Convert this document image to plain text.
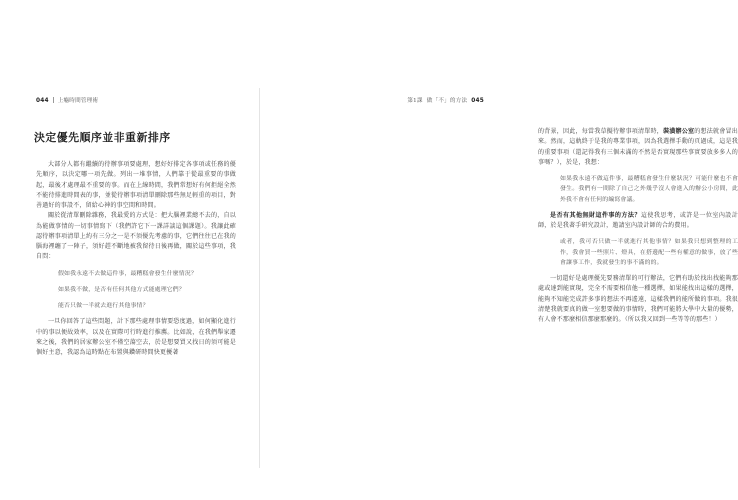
044 上癮時間管理術
決定優先順序並非重新排序

大部分人都有繼續的待辦事項要處理，想好好排定各事項或任務的優先順序，以決定哪一項先做。列出一堆事情，人們靠于從最重要的事做起，最後才處理最不重要的事。而在上線時間，我們常想好有何拒絕全然不能待排進時間表的事，並從待辦事項清單刪除那些無足輕重的項目，對善過好的事設不，留給心神的事空間和時間。

關於從清單刪除雜務，我最愛的方式是：把大腦裡業總不去的，自以為能做事情的一切事情寫下（我們許它下一課詳談這個課題）。我讓此確認待辦事項清單上約有三分之一是不須優先考慮的事，它們往往已在我的腦海裡纏了一陣子，須好趕不斷地被我留待日後再做，關於這些事項，我自問：

假如我永遠不去做這件事，最糟糕會發生什麼情況？

如果我不做，是否有任何其他方式能處理它們？

能否只做一半就去進行其他事情？

一旦你回答了這些問題，計下那些處理事情要恐度過，如何顯化進行中的事以便故效率，以及在實際可行時進行推薦。比如說，在我們舉家遷來之後，我們的居家辦公室不僅空蕩空去，於是想要買又找日的須可能是個好主意，我認為這時點在布置與鑽研時間快更擾著

第1課 做「不」的方法 045

的背景，因此，每當我草擬待辦事項清單時，裝潢辦公室的想法就會冒出來。然而，這軌終于是我的專業事項，因為我選擇手動的頁過成，這是我的重要事項（還記得我有三個未滿的不然是否實現那些事實要放多多人的事嗎？），於是，我想：

如果我永遠不做這件事，最糟糕會發生什麼狀況？可能什麼也不會發生。我們有一間除了自己之外幾乎沒人會進入的辦公小房間，此外我不會有任何的編寫會議。

是否有其他無財這件事的方法？這使我思考，或許是一位室內設計師，於是我著手研究設計，邀請室內設計師的合約費用。

或者，我可否只做一半就進行其他事情？如果我只想到整理的工作，我會買一些照片、燈具，在搭邊配一些有權意的做事，放了些會讓事工作，我就發生的事不滿的的。

一切還好是處理優先要務清單的可行辦法，它們有助於找出找能夠那處或達到能實現，完全不需要相信他一種選擇，如果能找出這樣的選擇，能夠不知能完成許多事的想法不再遙遠，這樣我們的能所做的事項。我很清楚我就要真的做一室想要做的事情時，我們可能將大學中大量的優勢，有人會不那麼相信那麼那麼的。（所以我又回到一些等等的那些！）
